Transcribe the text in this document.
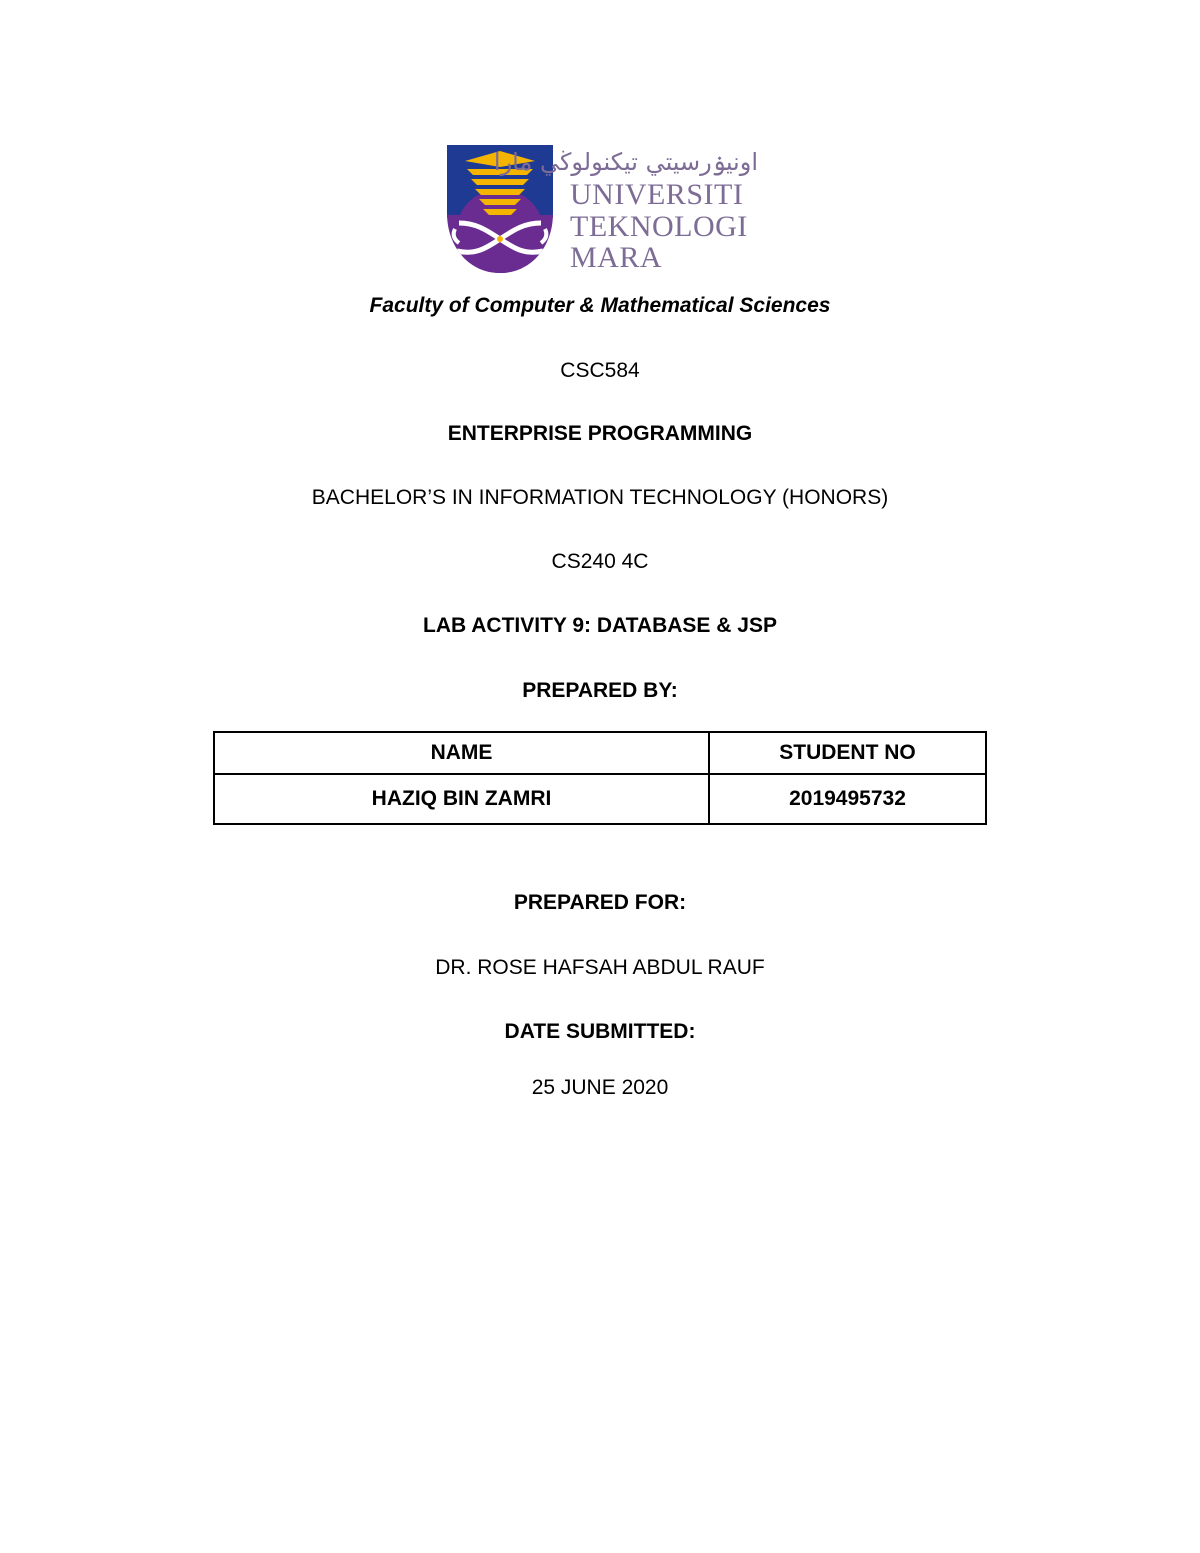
اونيۏرسيتي تيكنولوڬي مارا
UNIVERSITI
TEKNOLOGI
MARA
Faculty of Computer & Mathematical Sciences
CSC584
ENTERPRISE PROGRAMMING
BACHELOR’S IN INFORMATION TECHNOLOGY (HONORS)
CS240 4C
LAB ACTIVITY 9: DATABASE & JSP
PREPARED BY:
NAME	STUDENT NO
HAZIQ BIN ZAMRI	2019495732
PREPARED FOR:
DR. ROSE HAFSAH ABDUL RAUF
DATE SUBMITTED:
25 JUNE 2020
